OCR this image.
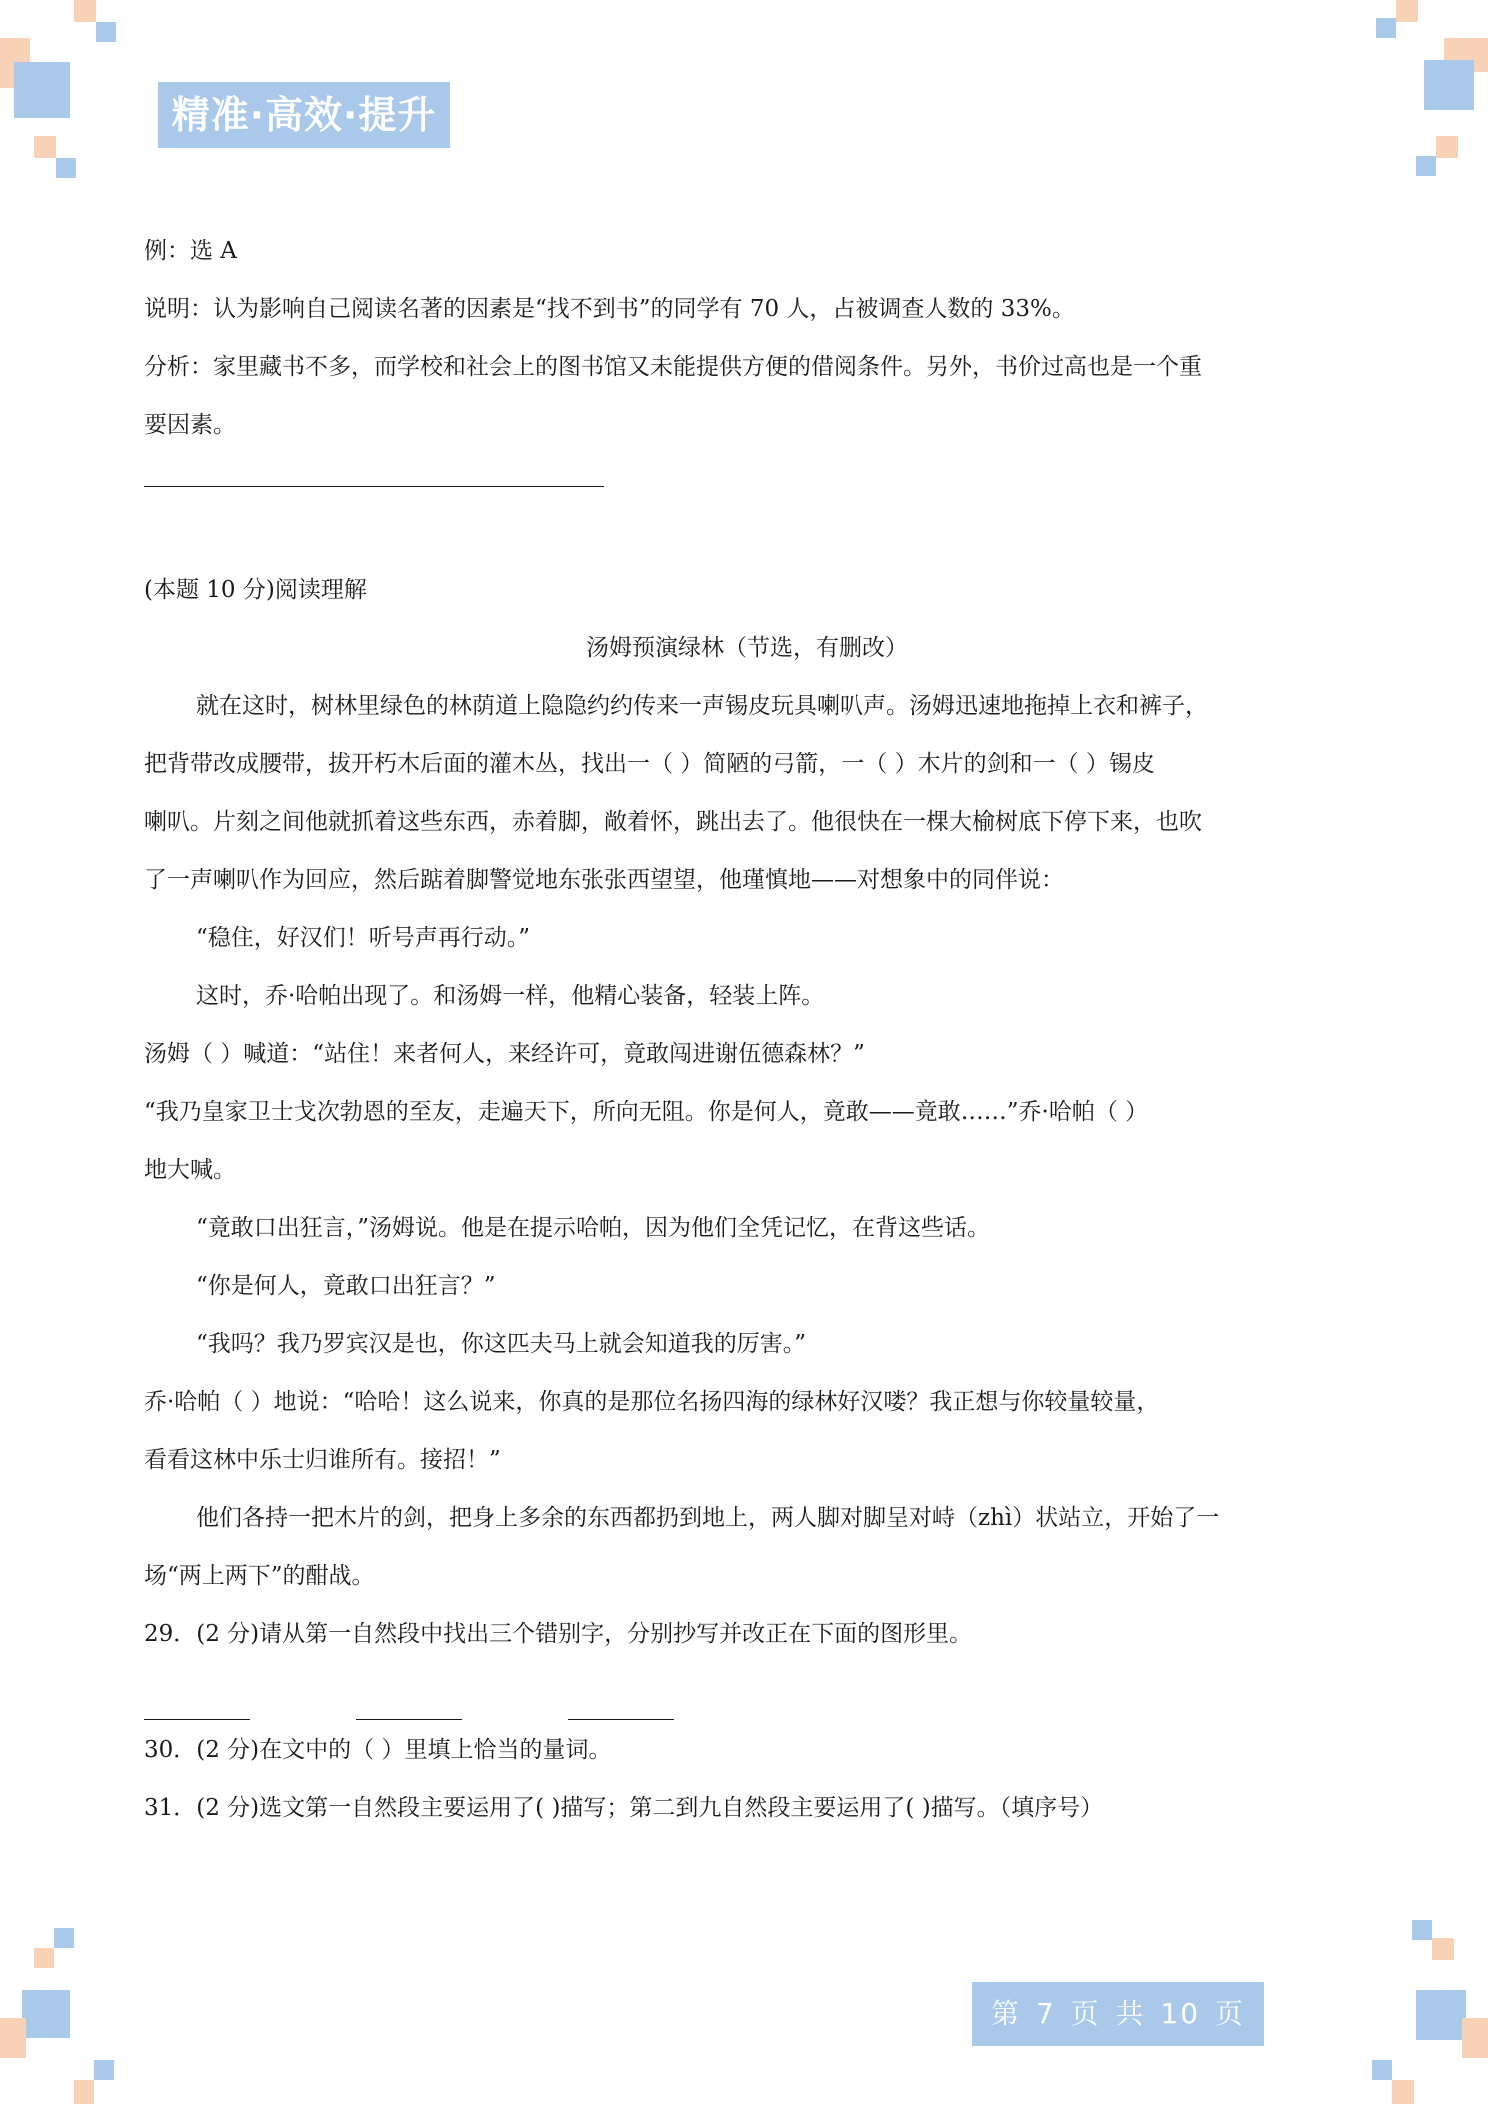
精准·高效·提升
例：选 A
说明：认为影响自己阅读名著的因素是“找不到书”的同学有 70 人，占被调查人数的 33%。
分析：家里藏书不多，而学校和社会上的图书馆又未能提供方便的借阅条件。另外，书价过高也是一个重
要因素。
(本题 10 分)阅读理解
汤姆预演绿林（节选，有删改）
就在这时，树林里绿色的林荫道上隐隐约约传来一声锡皮玩具喇叭声。汤姆迅速地拖掉上衣和裤子，
把背带改成腰带，拔开朽木后面的灌木丛，找出一（ ）简陋的弓箭，一（ ）木片的剑和一（ ）锡皮
喇叭。片刻之间他就抓着这些东西，赤着脚，敞着怀，跳出去了。他很快在一棵大榆树底下停下来，也吹
了一声喇叭作为回应，然后踮着脚警觉地东张张西望望，他瑾慎地——对想象中的同伴说：
“稳住，好汉们！听号声再行动。”
这时，乔·哈帕出现了。和汤姆一样，他精心装备，轻装上阵。
汤姆（ ）喊道：“站住！来者何人，来经许可，竟敢闯进谢伍德森林？”
“我乃皇家卫士戈次勃恩的至友，走遍天下，所向无阻。你是何人，竟敢——竟敢……”乔·哈帕（ ）
地大喊。
“竟敢口出狂言，”汤姆说。他是在提示哈帕，因为他们全凭记忆，在背这些话。
“你是何人，竟敢口出狂言？”
“我吗？我乃罗宾汉是也，你这匹夫马上就会知道我的厉害。”
乔·哈帕（ ）地说：“哈哈！这么说来，你真的是那位名扬四海的绿林好汉喽？我正想与你较量较量，
看看这林中乐士归谁所有。接招！”
他们各持一把木片的剑，把身上多余的东西都扔到地上，两人脚对脚呈对峙（zhì）状站立，开始了一
场“两上两下”的酣战。
29．(2 分)请从第一自然段中找出三个错别字，分别抄写并改正在下面的图形里。
30．(2 分)在文中的（ ）里填上恰当的量词。
31．(2 分)选文第一自然段主要运用了( )描写；第二到九自然段主要运用了( )描写。（填序号）
第 7 页 共 10 页
